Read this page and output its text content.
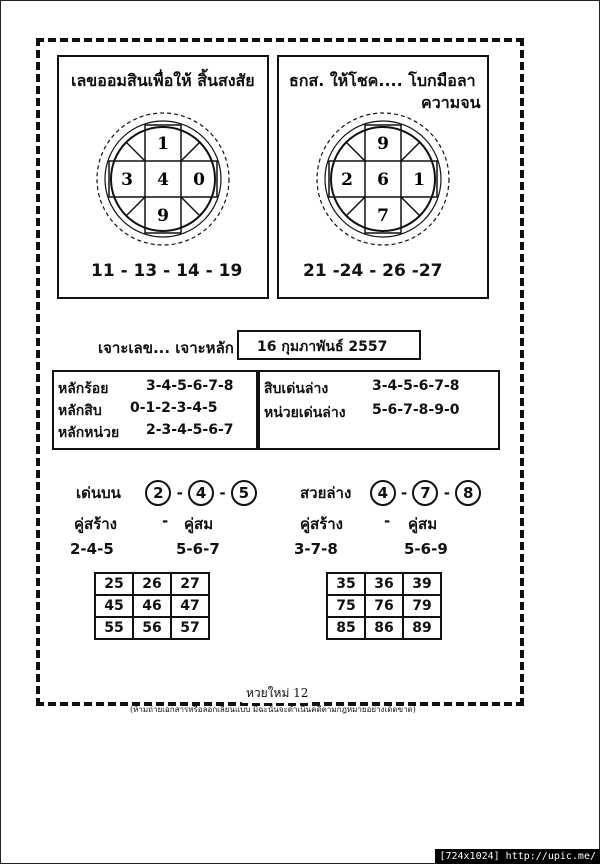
เลขออมสินเพื่อให้ สิ้นสงสัย
1
3 4 0
9
11 - 13 - 14 - 19
ธกส. ให้โชค.... โบกมือลา
ความจน
9
2 6 1
7
21 -24 - 26 -27
เจาะเลข... เจาะหลัก 16 กุมภาพันธ์ 2557
หลักร้อย	3-4-5-6-7-8
หลักสิบ 0-1-2-3-4-5
หลักหน่วย 2-3-4-5-6-7
สิบเด่นล่าง	3-4-5-6-7-8
หน่วยเด่นล่าง 5-6-7-8-9-0
เด่นบน 2 - 4 - 5
คู่สร้าง	- คู่สม
2-4-5	5-6-7
25	26	27
45	46	47
55	56	57
สวยล่าง 4 - 7 - 8
คู่สร้าง	- คู่สม
3-7-8	5-6-9
35	36	39
75	76	79
85	86	89
หวยใหม่ 12
(ห้ามถ่ายเอกสารหรือลอกเลียนแบบ มิฉะนั้นจะดำเนินคดีตามกฎหมายอย่างเด็ดขาด)
[724x1024] http://upic.me/
